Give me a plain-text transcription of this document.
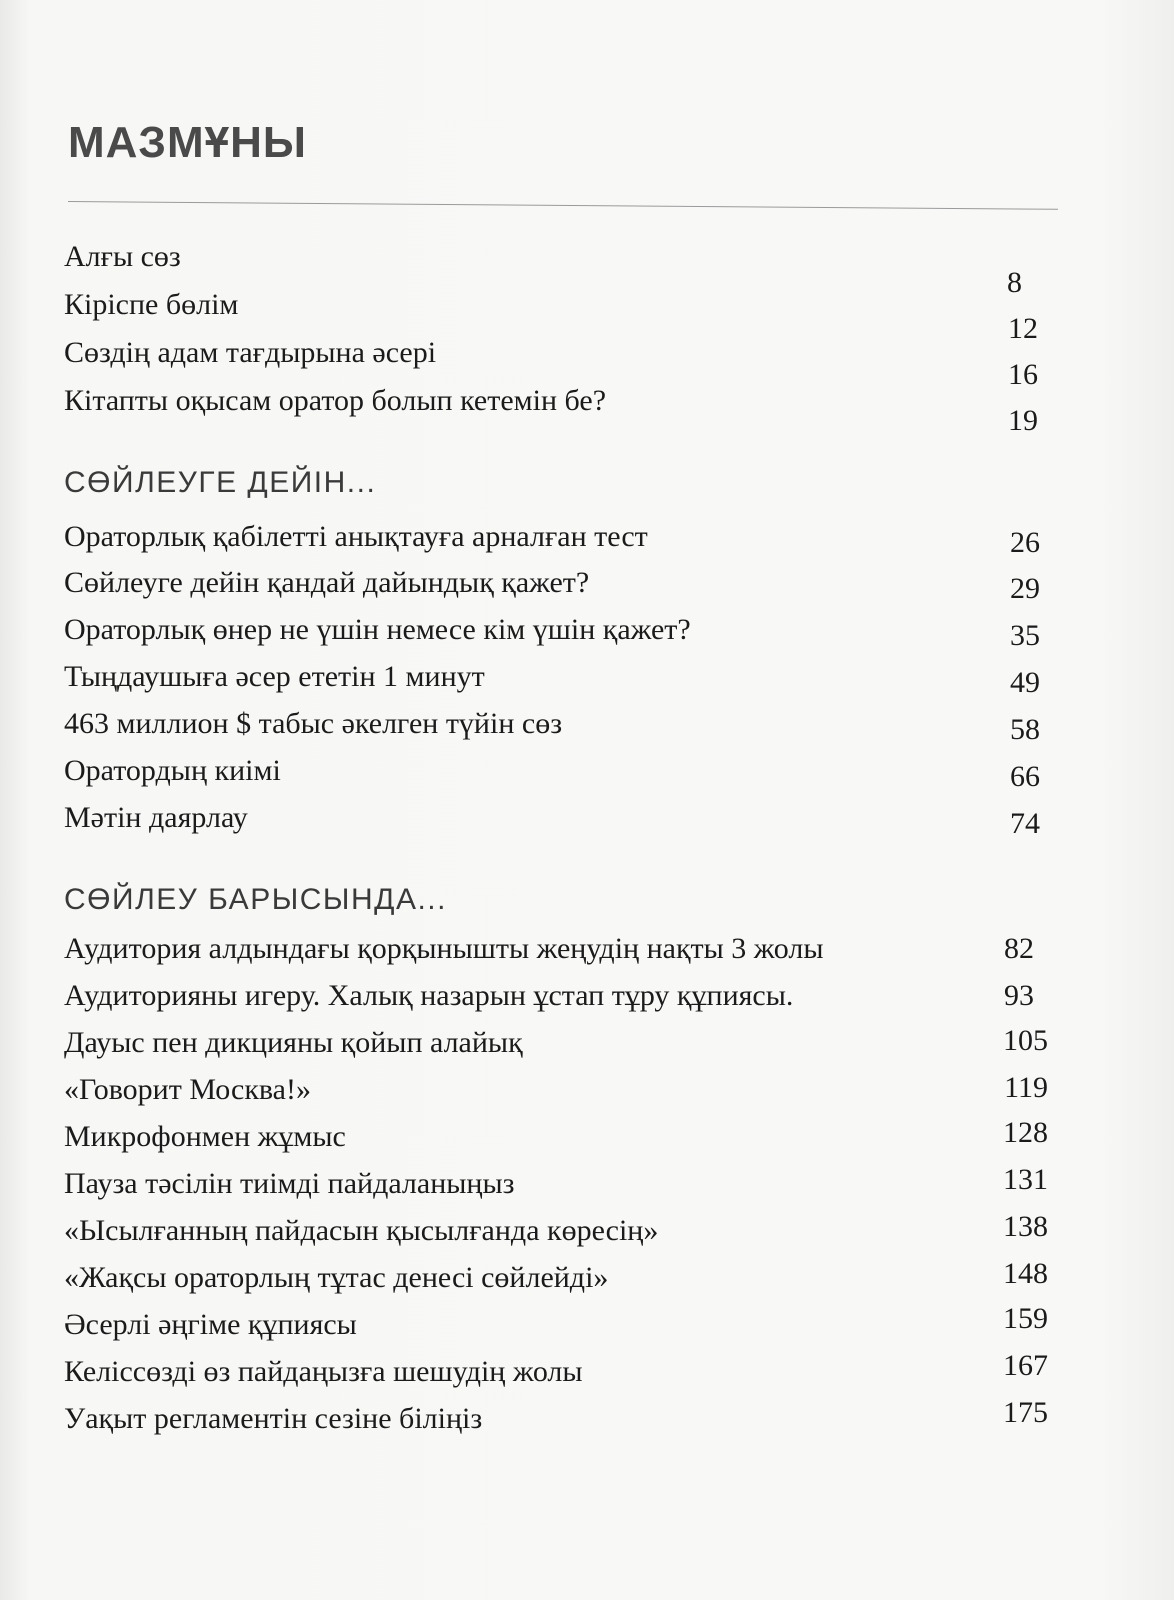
МАЗМҰНЫ
Алғы сөз
8
Кіріспе бөлім
12
Сөздің адам тағдырына әсері
16
Кітапты оқысам оратор болып кетемін бе?
19
СӨЙЛЕУГЕ ДЕЙІН...
Ораторлық қабілетті анықтауға арналған тест	26
Сөйлеуге дейін қандай дайындық қажет?	29
Ораторлық өнер не үшін немесе кім үшін қажет?	35
Тыңдаушыға әсер ететін 1 минут	49
463 миллион $ табыс әкелген түйін сөз	58
Оратордың киімі	66
Мәтін даярлау	74
СӨЙЛЕУ БАРЫСЫНДА...
Аудитория алдындағы қорқынышты жеңудің нақты 3 жолы	82
Аудиторияны игеру. Халық назарын ұстап тұру құпиясы.	93
Дауыс пен дикцияны қойып алайық	105
«Говорит Москва!»	119
Микрофонмен жұмыс	128
Пауза тәсілін тиімді пайдаланыңыз	131
«Ысылғанның пайдасын қысылғанда көресің»	138
«Жақсы ораторлың тұтас денесі сөйлейді»	148
Әсерлі әңгіме құпиясы	159
Келіссөзді өз пайдаңызға шешудің жолы	167
Уақыт регламентін сезіне біліңіз	175
